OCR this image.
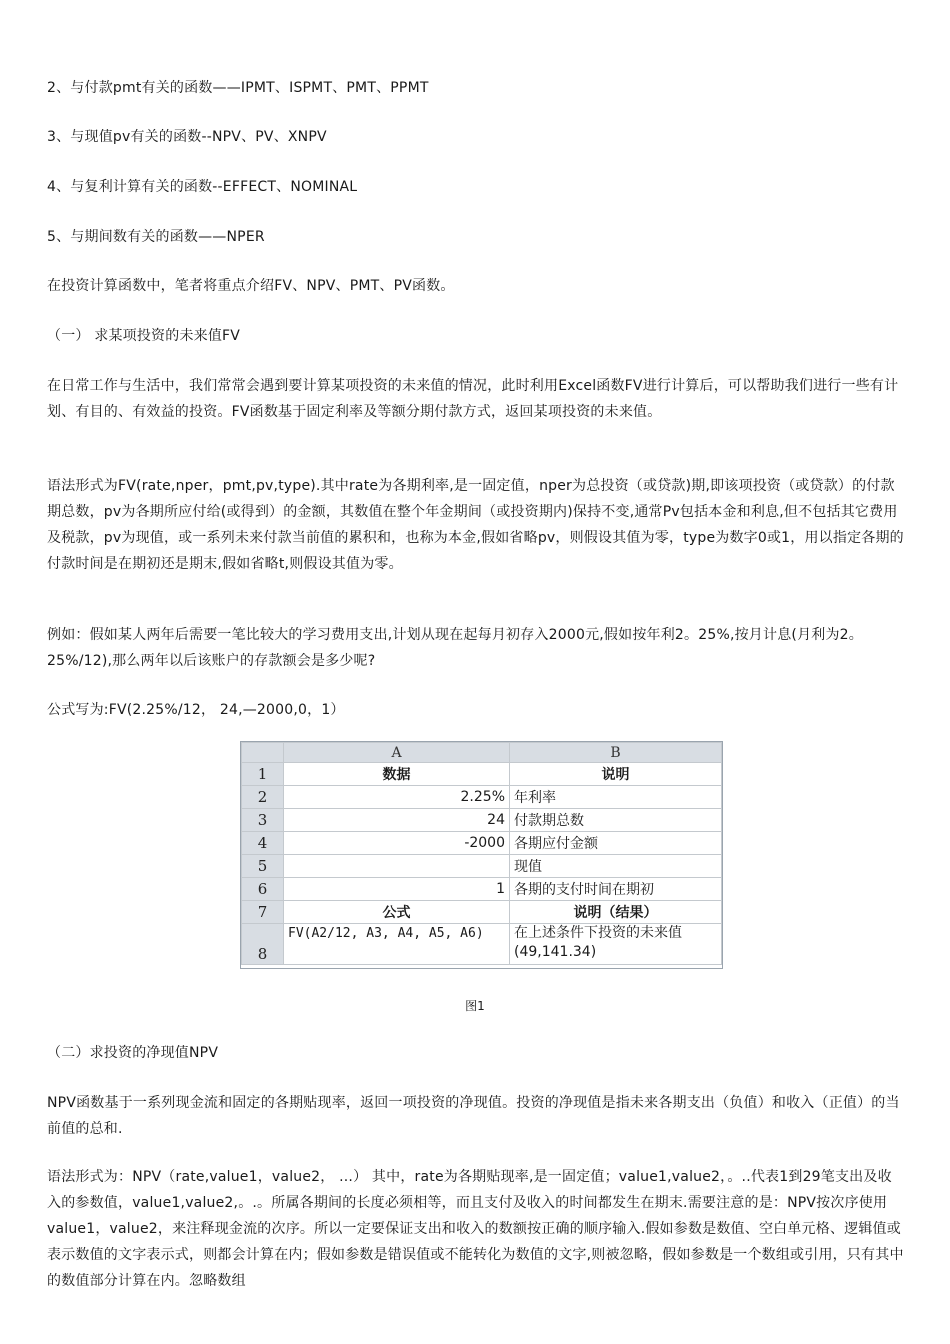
2、与付款pmt有关的函数——IPMT、ISPMT、PMT、PPMT

3、与现值pv有关的函数--NPV、PV、XNPV

4、与复利计算有关的函数--EFFECT、NOMINAL

5、与期间数有关的函数——NPER

在投资计算函数中，笔者将重点介绍FV、NPV、PMT、PV函数。

（一） 求某项投资的未来值FV

在日常工作与生活中，我们常常会遇到要计算某项投资的未来值的情况，此时利用Excel函数FV进行计算后，可以帮助我们进行一些有计划、有目的、有效益的投资。FV函数基于固定利率及等额分期付款方式，返回某项投资的未来值。

语法形式为FV(rate,nper，pmt,pv,type).其中rate为各期利率,是一固定值，nper为总投资（或贷款)期,即该项投资（或贷款）的付款期总数，pv为各期所应付给(或得到）的金额，其数值在整个年金期间（或投资期内)保持不变,通常Pv包括本金和利息,但不包括其它费用及税款，pv为现值，或一系列未来付款当前值的累积和，也称为本金,假如省略pv，则假设其值为零，type为数字0或1，用以指定各期的付款时间是在期初还是期末,假如省略t,则假设其值为零。

例如：假如某人两年后需要一笔比较大的学习费用支出,计划从现在起每月初存入2000元,假如按年利2。25%,按月计息(月利为2。25%/12),那么两年以后该账户的存款额会是多少呢?

公式写为:FV(2.25%/12， 24,—2000,0，1）

	A	B
1	数据	说明
2	2.25%	年利率
3	24	付款期总数
4	-2000	各期应付金额
5		现值
6	1	各期的支付时间在期初
7	公式	说明（结果）
8	FV(A2/12, A3, A4, A5, A6)	在上述条件下投资的未来值
(49,141.34)
图1

（二）求投资的净现值NPV

NPV函数基于一系列现金流和固定的各期贴现率，返回一项投资的净现值。投资的净现值是指未来各期支出（负值）和收入（正值）的当前值的总和.

语法形式为：NPV（rate,value1，value2， ...） 其中，rate为各期贴现率,是一固定值；value1,value2，。..代表1到29笔支出及收入的参数值，value1,value2,。.。所属各期间的长度必须相等，而且支付及收入的时间都发生在期末.需要注意的是：NPV按次序使用value1，value2，来注释现金流的次序。所以一定要保证支出和收入的数额按正确的顺序输入.假如参数是数值、空白单元格、逻辑值或表示数值的文字表示式，则都会计算在内；假如参数是错误值或不能转化为数值的文字,则被忽略，假如参数是一个数组或引用，只有其中的数值部分计算在内。忽略数组
